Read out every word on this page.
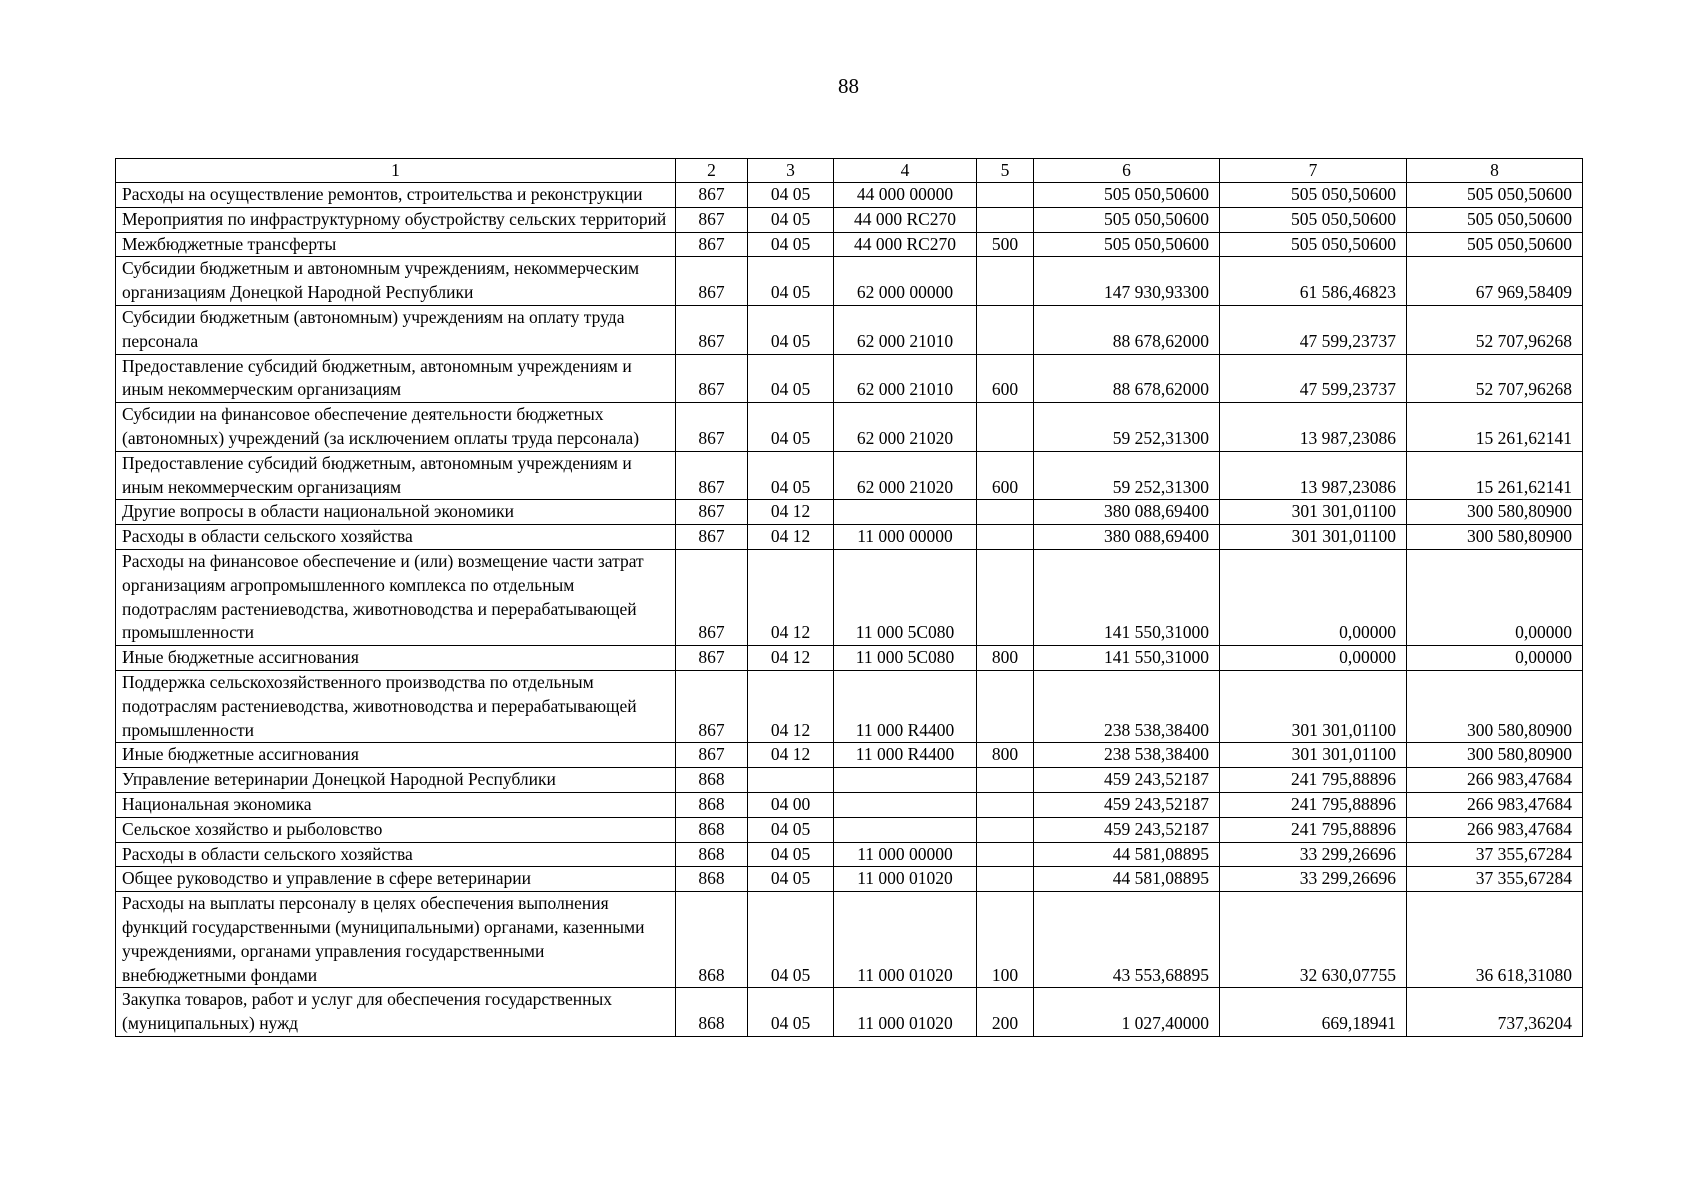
88
1	2	3	4	5	6	7	8
Расходы на осуществление ремонтов, строительства и реконструкции	867	04 05	44 000 00000		505 050,50600	505 050,50600	505 050,50600
Мероприятия по инфраструктурному обустройству сельских территорий	867	04 05	44 000 RC270		505 050,50600	505 050,50600	505 050,50600
Межбюджетные трансферты	867	04 05	44 000 RC270	500	505 050,50600	505 050,50600	505 050,50600
Субсидии бюджетным и автономным учреждениям, некоммерческим организациям Донецкой Народной Республики	867	04 05	62 000 00000		147 930,93300	61 586,46823	67 969,58409
Субсидии бюджетным (автономным) учреждениям на оплату труда персонала	867	04 05	62 000 21010		88 678,62000	47 599,23737	52 707,96268
Предоставление субсидий бюджетным, автономным учреждениям и иным некоммерческим организациям	867	04 05	62 000 21010	600	88 678,62000	47 599,23737	52 707,96268
Субсидии на финансовое обеспечение деятельности бюджетных (автономных) учреждений (за исключением оплаты труда персонала)	867	04 05	62 000 21020		59 252,31300	13 987,23086	15 261,62141
Предоставление субсидий бюджетным, автономным учреждениям и иным некоммерческим организациям	867	04 05	62 000 21020	600	59 252,31300	13 987,23086	15 261,62141
Другие вопросы в области национальной экономики	867	04 12			380 088,69400	301 301,01100	300 580,80900
Расходы в области сельского хозяйства	867	04 12	11 000 00000		380 088,69400	301 301,01100	300 580,80900
Расходы на финансовое обеспечение и (или) возмещение части затрат организациям агропромышленного комплекса по отдельным подотраслям растениеводства, животноводства и перерабатывающей промышленности	867	04 12	11 000 5C080		141 550,31000	0,00000	0,00000
Иные бюджетные ассигнования	867	04 12	11 000 5C080	800	141 550,31000	0,00000	0,00000
Поддержка сельскохозяйственного производства по отдельным подотраслям растениеводства, животноводства и перерабатывающей промышленности	867	04 12	11 000 R4400		238 538,38400	301 301,01100	300 580,80900
Иные бюджетные ассигнования	867	04 12	11 000 R4400	800	238 538,38400	301 301,01100	300 580,80900
Управление ветеринарии Донецкой Народной Республики	868				459 243,52187	241 795,88896	266 983,47684
Национальная экономика	868	04 00			459 243,52187	241 795,88896	266 983,47684
Сельское хозяйство и рыболовство	868	04 05			459 243,52187	241 795,88896	266 983,47684
Расходы в области сельского хозяйства	868	04 05	11 000 00000		44 581,08895	33 299,26696	37 355,67284
Общее руководство и управление в сфере ветеринарии	868	04 05	11 000 01020		44 581,08895	33 299,26696	37 355,67284
Расходы на выплаты персоналу в целях обеспечения выполнения функций государственными (муниципальными) органами, казенными учреждениями, органами управления государственными внебюджетными фондами	868	04 05	11 000 01020	100	43 553,68895	32 630,07755	36 618,31080
Закупка товаров, работ и услуг для обеспечения государственных (муниципальных) нужд	868	04 05	11 000 01020	200	1 027,40000	669,18941	737,36204
